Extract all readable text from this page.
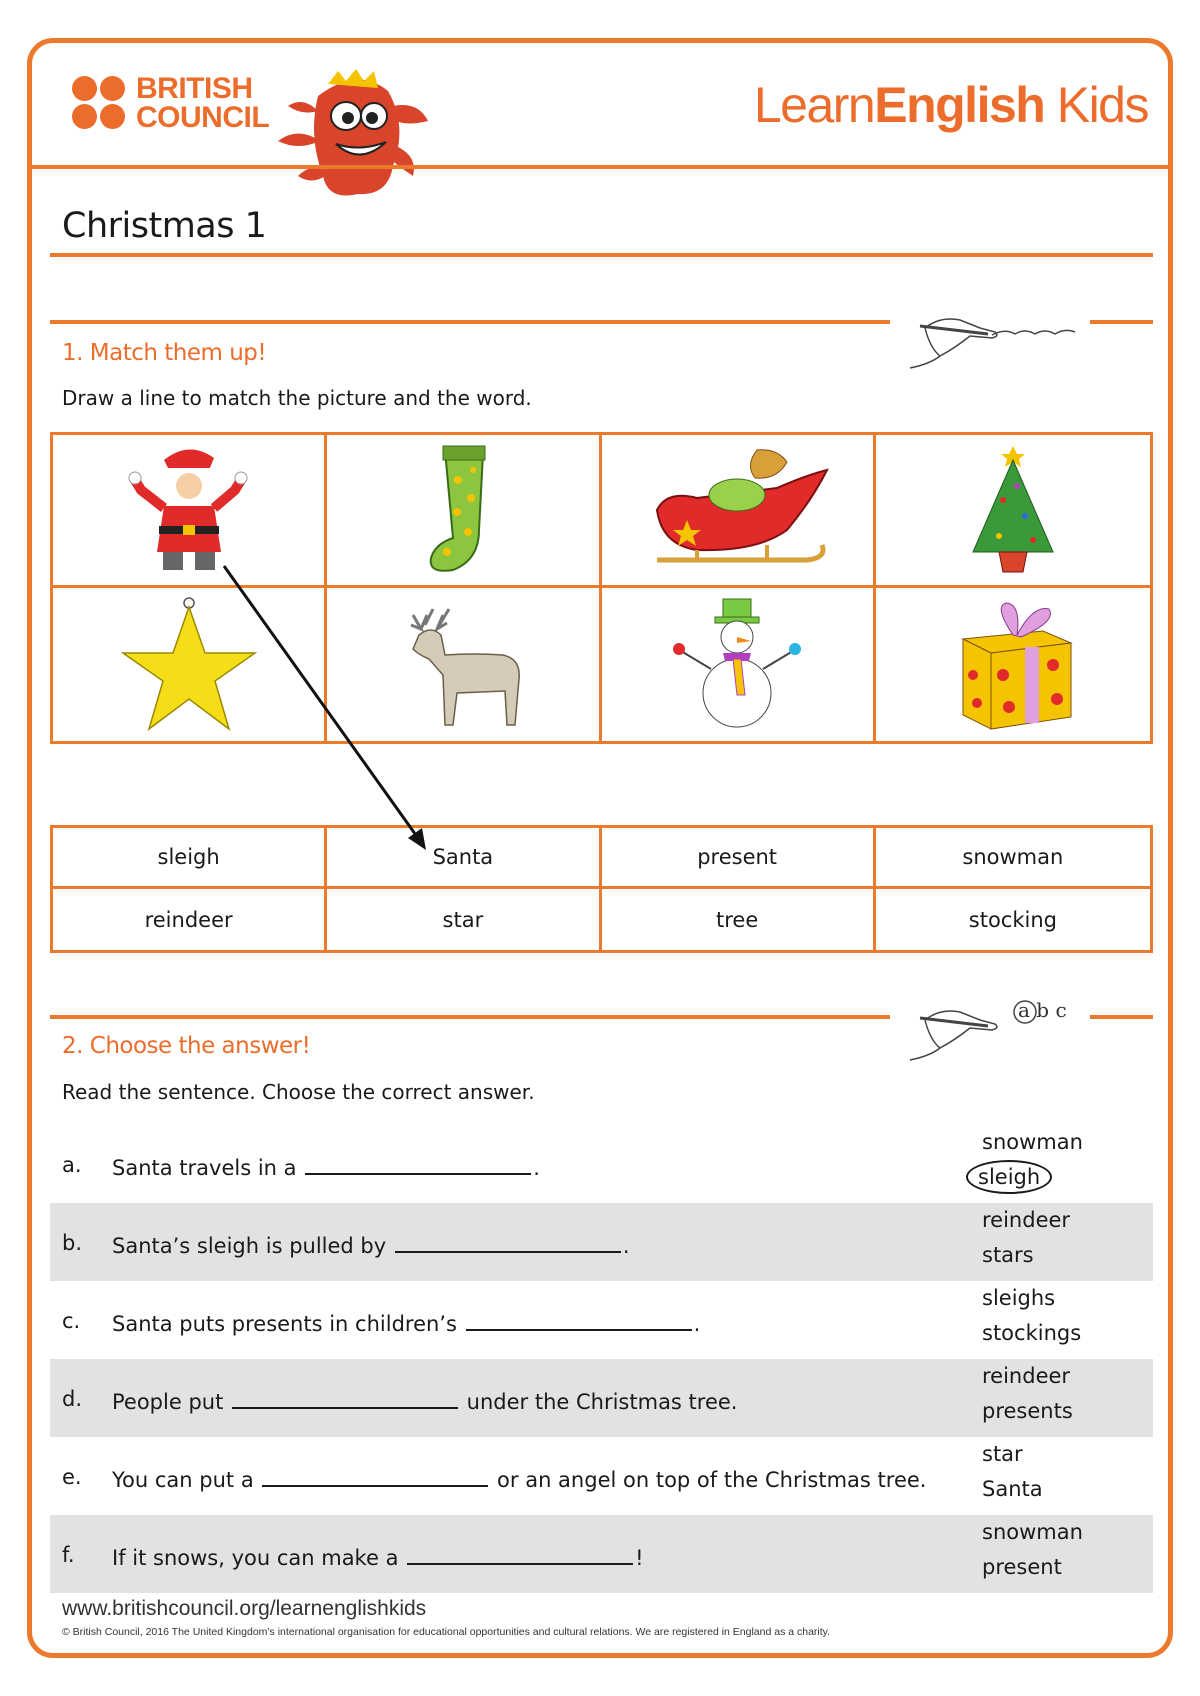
BRITISH
COUNCIL	LearnEnglish Kids
Christmas 1
1. Match them up!
Draw a line to match the picture and the word.
sleigh	Santa	present	snowman
reindeer	star	tree	stocking
a b c
2. Choose the answer!
Read the sentence. Choose the correct answer.
a. Santa travels in a	.
snowman
sleigh
b. Santa’s sleigh is pulled by	.
reindeer
stars
c. Santa puts presents in children’s	.
sleighs
stockings
d. People put	under the Christmas tree.
reindeer
presents
e. You can put a	or an angel on top of the Christmas tree.
star
Santa
f. If it snows, you can make a	!
snowman
present
www.britishcouncil.org/learnenglishkids
© British Council, 2016 The United Kingdom’s international organisation for educational opportunities and cultural relations. We are registered in England as a charity.
